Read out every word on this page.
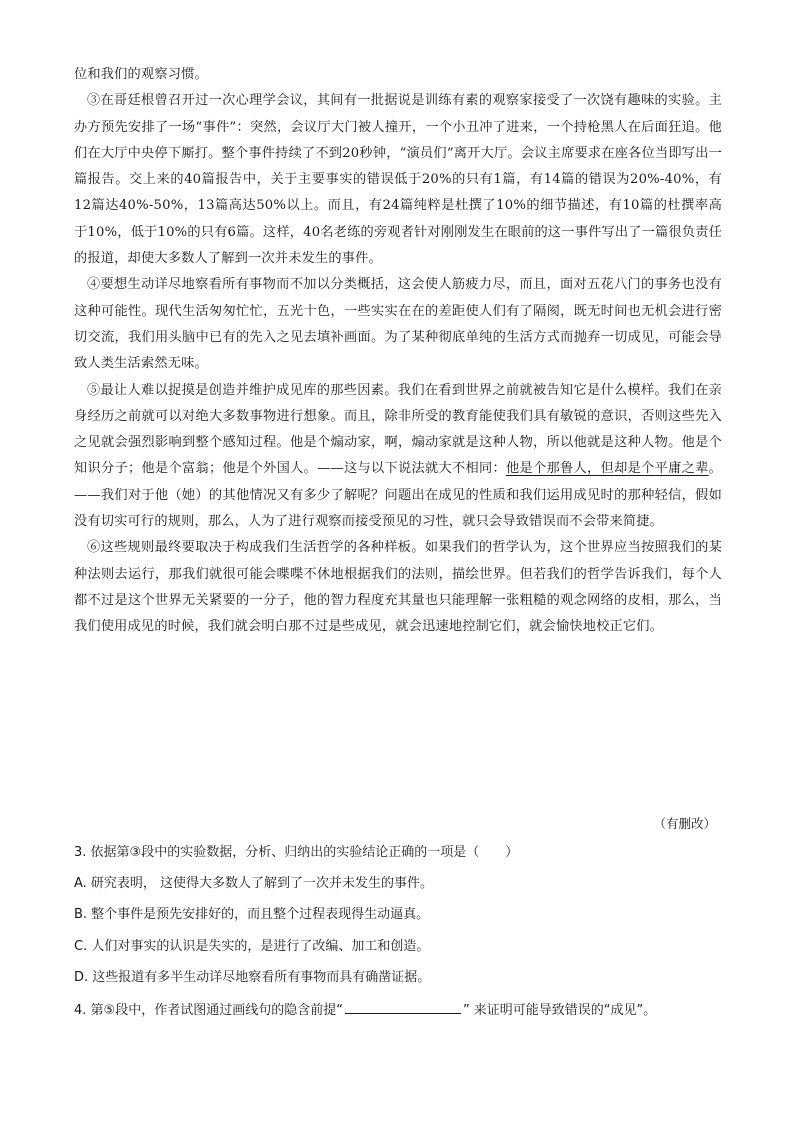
位和我们的观察习惯。

③在哥廷根曾召开过一次心理学会议，其间有一批据说是训练有素的观察家接受了一次饶有趣味的实验。主办方预先安排了一场“事件”：突然，会议厅大门被人撞开，一个小丑冲了进来，一个持枪黑人在后面狂追。他们在大厅中央停下厮打。整个事件持续了不到20秒钟，“演员们”离开大厅。会议主席要求在座各位当即写出一篇报告。交上来的40篇报告中，关于主要事实的错误低于20%的只有1篇，有14篇的错误为20%-40%，有12篇达40%-50%，13篇高达50%以上。而且，有24篇纯粹是杜撰了10%的细节描述，有10篇的杜撰率高于10%，低于10%的只有6篇。这样，40名老练的旁观者针对刚刚发生在眼前的这一事件写出了一篇很负责任的报道，却使大多数人了解到一次并未发生的事件。

④要想生动详尽地察看所有事物而不加以分类概括，这会使人筋疲力尽，而且，面对五花八门的事务也没有这种可能性。现代生活匆匆忙忙，五光十色，一些实实在在的差距使人们有了隔阂，既无时间也无机会进行密切交流，我们用头脑中已有的先入之见去填补画面。为了某种彻底单纯的生活方式而抛弃一切成见，可能会导致人类生活索然无味。

⑤最让人难以捉摸是创造并维护成见库的那些因素。我们在看到世界之前就被告知它是什么模样。我们在亲身经历之前就可以对绝大多数事物进行想象。而且，除非所受的教育能使我们具有敏锐的意识，否则这些先入之见就会强烈影响到整个感知过程。他是个煽动家，啊，煽动家就是这种人物，所以他就是这种人物。他是个知识分子；他是个富翁；他是个外国人。——这与以下说法就大不相同：他是个那鲁人，但却是个平庸之辈。——我们对于他（她）的其他情况又有多少了解呢？问题出在成见的性质和我们运用成见时的那种轻信，假如没有切实可行的规则，那么，人为了进行观察而接受预见的习性，就只会导致错误而不会带来简捷。

⑥这些规则最终要取决于构成我们生活哲学的各种样板。如果我们的哲学认为，这个世界应当按照我们的某种法则去运行，那我们就很可能会喋喋不休地根据我们的法则，描绘世界。但若我们的哲学告诉我们，每个人都不过是这个世界无关紧要的一分子，他的智力程度充其量也只能理解一张粗糙的观念网络的皮相，那么，当我们使用成见的时候，我们就会明白那不过是些成见，就会迅速地控制它们，就会愉快地校正它们。

（有删改）
3. 依据第③段中的实验数据，分析、归纳出的实验结论正确的一项是（　　）
A. 研究表明， 这使得大多数人了解到了一次并未发生的事件。
B. 整个事件是预先安排好的，而且整个过程表现得生动逼真。
C. 人们对事实的认识是失实的，是进行了改编、加工和创造。
D. 这些报道有多半生动详尽地察看所有事物而具有确凿证据。
4. 第⑤段中，作者试图通过画线句的隐含前提“	” 来证明可能导致错误的“成见”。
